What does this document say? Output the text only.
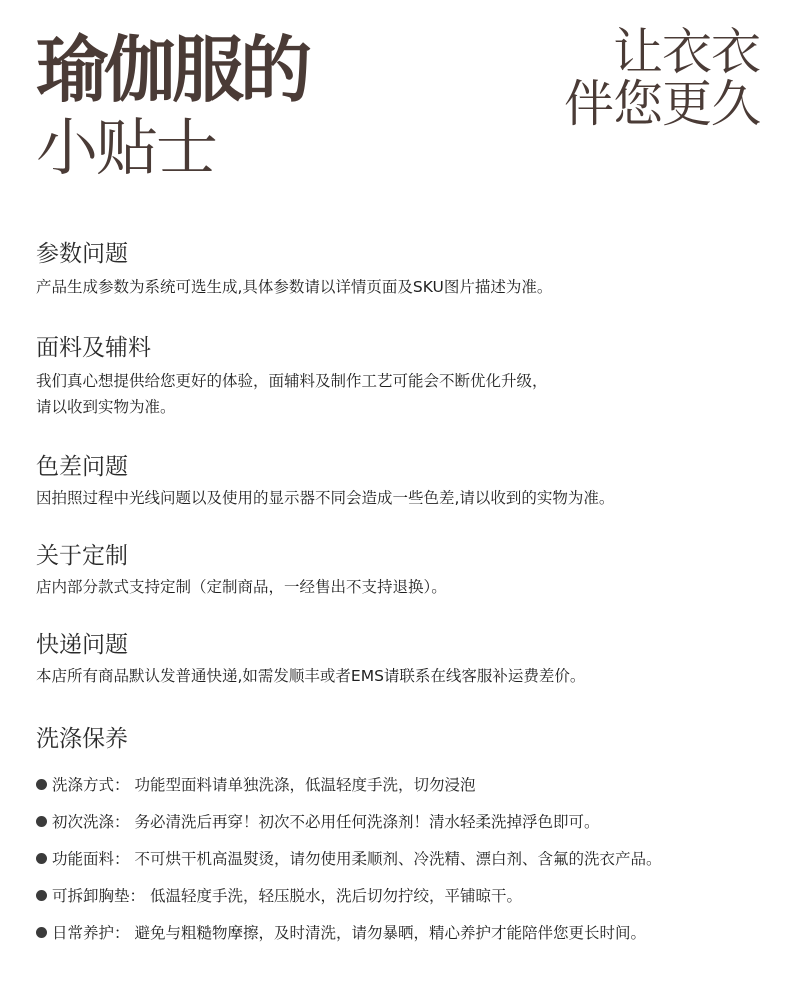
瑜伽服的
小贴士
让衣衣
伴您更久
参数问题
产品生成参数为系统可选生成,具体参数请以详情页面及SKU图片描述为准。
面料及辅料
我们真心想提供给您更好的体验，面辅料及制作工艺可能会不断优化升级，
请以收到实物为准。
色差问题
因拍照过程中光线问题以及使用的显示器不同会造成一些色差,请以收到的实物为准。
关于定制
店内部分款式支持定制（定制商品，一经售出不支持退换）。
快递问题
本店所有商品默认发普通快递,如需发顺丰或者EMS请联系在线客服补运费差价。
洗涤保养
洗涤方式：
功能型面料请单独洗涤，低温轻度手洗，切勿浸泡
初次洗涤：
务必清洗后再穿！初次不必用任何洗涤剂！清水轻柔洗掉浮色即可。
功能面料：
不可烘干机高温熨烫，请勿使用柔顺剂、冷洗精、漂白剂、含氟的洗衣产品。
可拆卸胸垫：
低温轻度手洗，轻压脱水，洗后切勿拧绞，平铺晾干。
日常养护：
避免与粗糙物摩擦，及时清洗，请勿暴晒，精心养护才能陪伴您更长时间。
